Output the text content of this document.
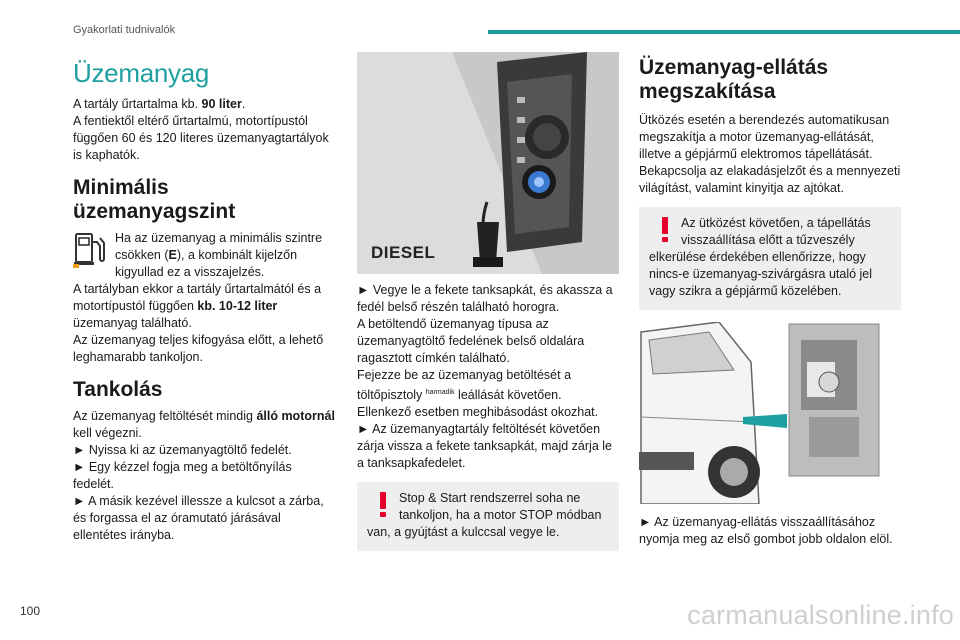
Gyakorlati tudnivalók
Üzemanyag

A tartály űrtartalma kb. 90 liter.

A fentiektől eltérő űrtartalmú, motortípustól függően 60 és 120 literes üzemanyagtartályok is kaphatók.

Minimális üzemanyagszint

Ha az üzemanyag a minimális szintre csökken (E), a kombinált kijelzőn kigyullad ez a visszajelzés.

A tartályban ekkor a tartály űrtartalmától és a motortípustól függően kb. 10-12 liter üzemanyag található.

Az üzemanyag teljes kifogyása előtt, a lehető leghamarabb tankoljon.

Tankolás

Az üzemanyag feltöltését mindig álló motornál kell végezni.

► Nyissa ki az üzemanyagtöltő fedelét.

► Egy kézzel fogja meg a betöltőnyílás fedelét.

► A másik kezével illessze a kulcsot a zárba, és forgassa el az óramutató járásával ellentétes irányba.

DIESEL

► Vegye le a fekete tanksapkát, és akassza a fedél belső részén található horogra.

A betöltendő üzemanyag típusa az üzemanyagtöltő fedelének belső oldalára ragasztott címkén található.

Fejezze be az üzemanyag betöltését a töltőpisztoly $^{harmadik}$ leállását követően. Ellenkező esetben meghibásodást okozhat.

► Az üzemanyagtartály feltöltését követően zárja vissza a fekete tanksapkát, majd zárja le a tanksapkafedelet.

Stop & Start rendszerrel soha ne tankoljon, ha a motor STOP módban van, a gyújtást a kulccsal vegye le.
Üzemanyag-ellátás megszakítása

Ütközés esetén a berendezés automatikusan megszakítja a motor üzemanyag-ellátását, illetve a gépjármű elektromos tápellátását.

Bekapcsolja az elakadásjelzőt és a mennyezeti világítást, valamint kinyitja az ajtókat.

Az ütközést követően, a tápellátás visszaállítása előtt a tűzveszély elkerülése érdekében ellenőrizze, hogy nincs-e üzemanyag-szivárgásra utaló jel vagy szikra a gépjármű közelében.

► Az üzemanyag-ellátás visszaállításához nyomja meg az első gombot jobb oldalon elöl.

100	carmanualsonline.info
